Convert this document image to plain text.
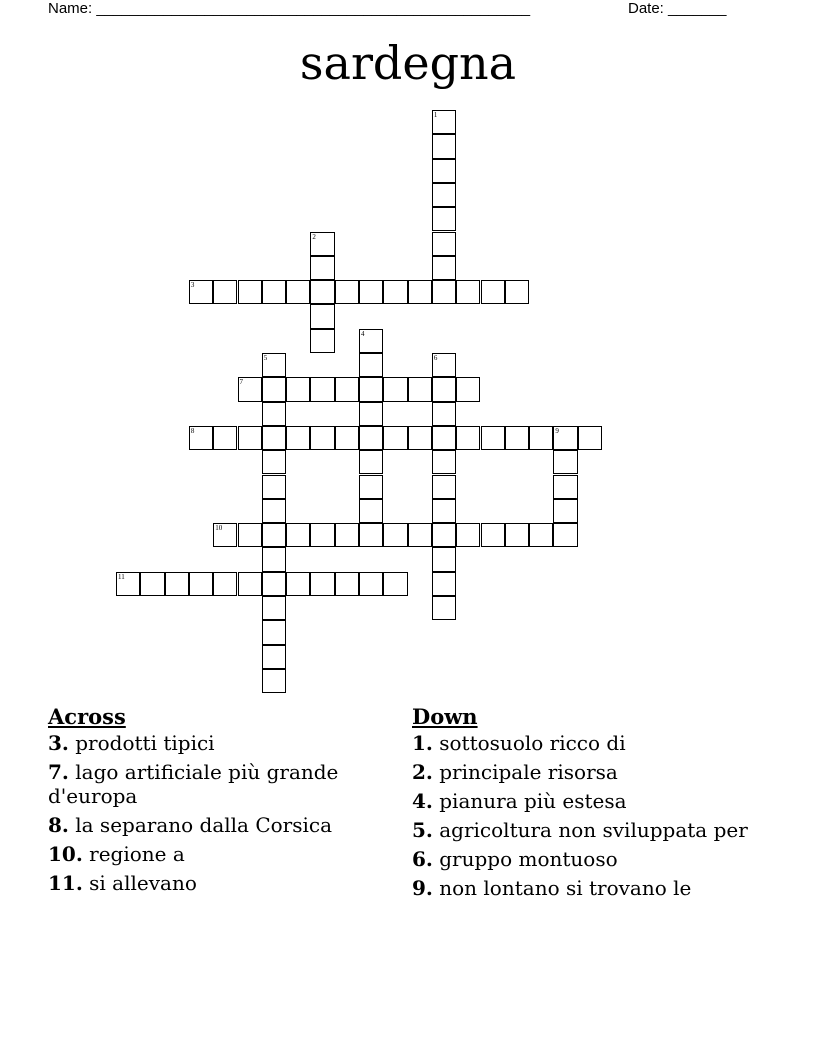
Name: ____________________________________________________	Date: _______
sardegna
1
2
3
4
5	6
7
8	9
10
11
Across
3. prodotti tipici
7. lago artificiale più grande d'europa
8. la separano dalla Corsica
10. regione a
11. si allevano
Down
1. sottosuolo ricco di
2. principale risorsa
4. pianura più estesa
5. agricoltura non sviluppata per
6. gruppo montuoso
9. non lontano si trovano le
